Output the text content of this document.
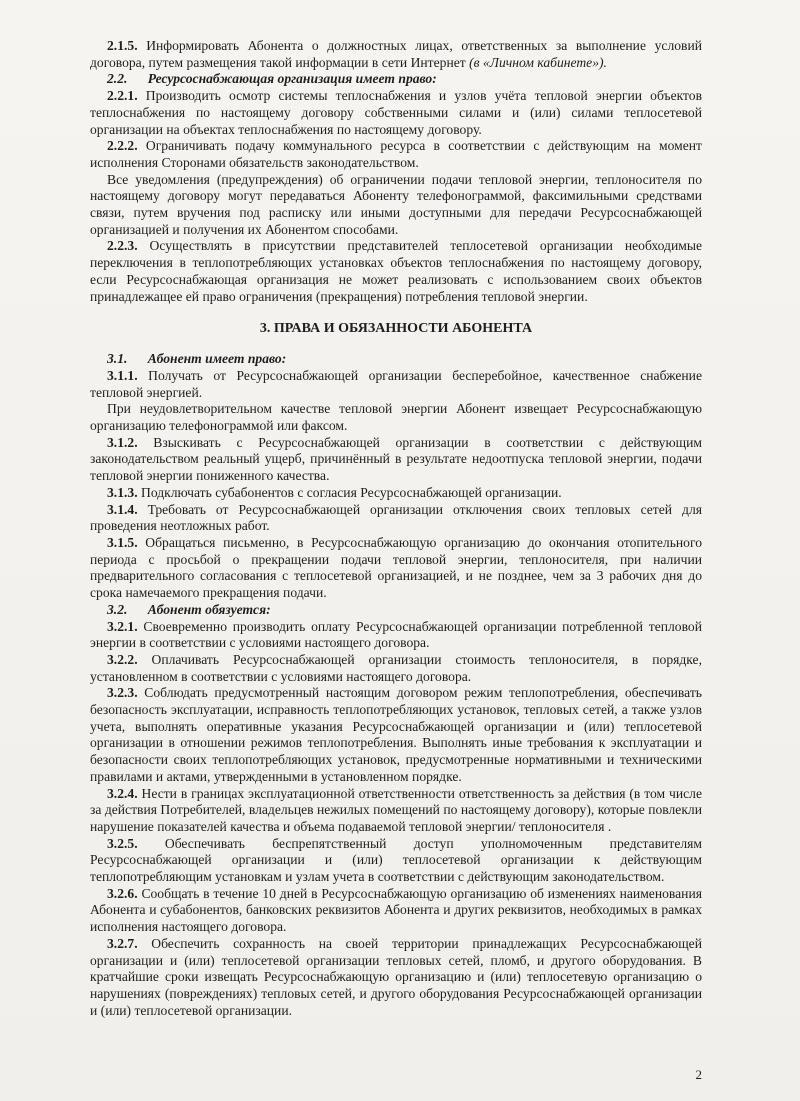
2.1.5. Информировать Абонента о должностных лицах, ответственных за выполнение условий договора, путем размещения такой информации в сети Интернет (в «Личном кабинете»).

2.2. Ресурсоснабжающая организация имеет право:

2.2.1. Производить осмотр системы теплоснабжения и узлов учёта тепловой энергии объектов теплоснабжения по настоящему договору собственными силами и (или) силами теплосетевой организации на объектах теплоснабжения по настоящему договору.

2.2.2. Ограничивать подачу коммунального ресурса в соответствии с действующим на момент исполнения Сторонами обязательств законодательством.

Все уведомления (предупреждения) об ограничении подачи тепловой энергии, теплоносителя по настоящему договору могут передаваться Абоненту телефонограммой, факсимильными средствами связи, путем вручения под расписку или иными доступными для передачи Ресурсоснабжающей организацией и получения их Абонентом способами.

2.2.3. Осуществлять в присутствии представителей теплосетевой организации необходимые переключения в теплопотребляющих установках объектов теплоснабжения по настоящему договору, если Ресурсоснабжающая организация не может реализовать с использованием своих объектов принадлежащее ей право ограничения (прекращения) потребления тепловой энергии.

3. ПРАВА И ОБЯЗАННОСТИ АБОНЕНТА

3.1. Абонент имеет право:

3.1.1. Получать от Ресурсоснабжающей организации бесперебойное, качественное снабжение тепловой энергией.

При неудовлетворительном качестве тепловой энергии Абонент извещает Ресурсоснабжающую организацию телефонограммой или факсом.

3.1.2. Взыскивать с Ресурсоснабжающей организации в соответствии с действующим законодательством реальный ущерб, причинённый в результате недоотпуска тепловой энергии, подачи тепловой энергии пониженного качества.

3.1.3. Подключать субабонентов с согласия Ресурсоснабжающей организации.

3.1.4. Требовать от Ресурсоснабжающей организации отключения своих тепловых сетей для проведения неотложных работ.

3.1.5. Обращаться письменно, в Ресурсоснабжающую организацию до окончания отопительного периода с просьбой о прекращении подачи тепловой энергии, теплоносителя, при наличии предварительного согласования с теплосетевой организацией, и не позднее, чем за 3 рабочих дня до срока намечаемого прекращения подачи.

3.2. Абонент обязуется:

3.2.1. Своевременно производить оплату Ресурсоснабжающей организации потребленной тепловой энергии в соответствии с условиями настоящего договора.

3.2.2. Оплачивать Ресурсоснабжающей организации стоимость теплоносителя, в порядке, установленном в соответствии с условиями настоящего договора.

3.2.3. Соблюдать предусмотренный настоящим договором режим теплопотребления, обеспечивать безопасность эксплуатации, исправность теплопотребляющих установок, тепловых сетей, а также узлов учета, выполнять оперативные указания Ресурсоснабжающей организации и (или) теплосетевой организации в отношении режимов теплопотребления. Выполнять иные требования к эксплуатации и безопасности своих теплопотребляющих установок, предусмотренные нормативными и техническими правилами и актами, утвержденными в установленном порядке.

3.2.4. Нести в границах эксплуатационной ответственности ответственность за действия (в том числе за действия Потребителей, владельцев нежилых помещений по настоящему договору), которые повлекли нарушение показателей качества и объема подаваемой тепловой энергии/ теплоносителя .

3.2.5. Обеспечивать беспрепятственный доступ уполномоченным представителям Ресурсоснабжающей организации и (или) теплосетевой организации к действующим теплопотребляющим установкам и узлам учета в соответствии с действующим законодательством.

3.2.6. Сообщать в течение 10 дней в Ресурсоснабжающую организацию об изменениях наименования Абонента и субабонентов, банковских реквизитов Абонента и других реквизитов, необходимых в рамках исполнения настоящего договора.

3.2.7. Обеспечить сохранность на своей территории принадлежащих Ресурсоснабжающей организации и (или) теплосетевой организации тепловых сетей, пломб, и другого оборудования. В кратчайшие сроки извещать Ресурсоснабжающую организацию и (или) теплосетевую организацию о нарушениях (повреждениях) тепловых сетей, и другого оборудования Ресурсоснабжающей организации и (или) теплосетевой организации.

2
